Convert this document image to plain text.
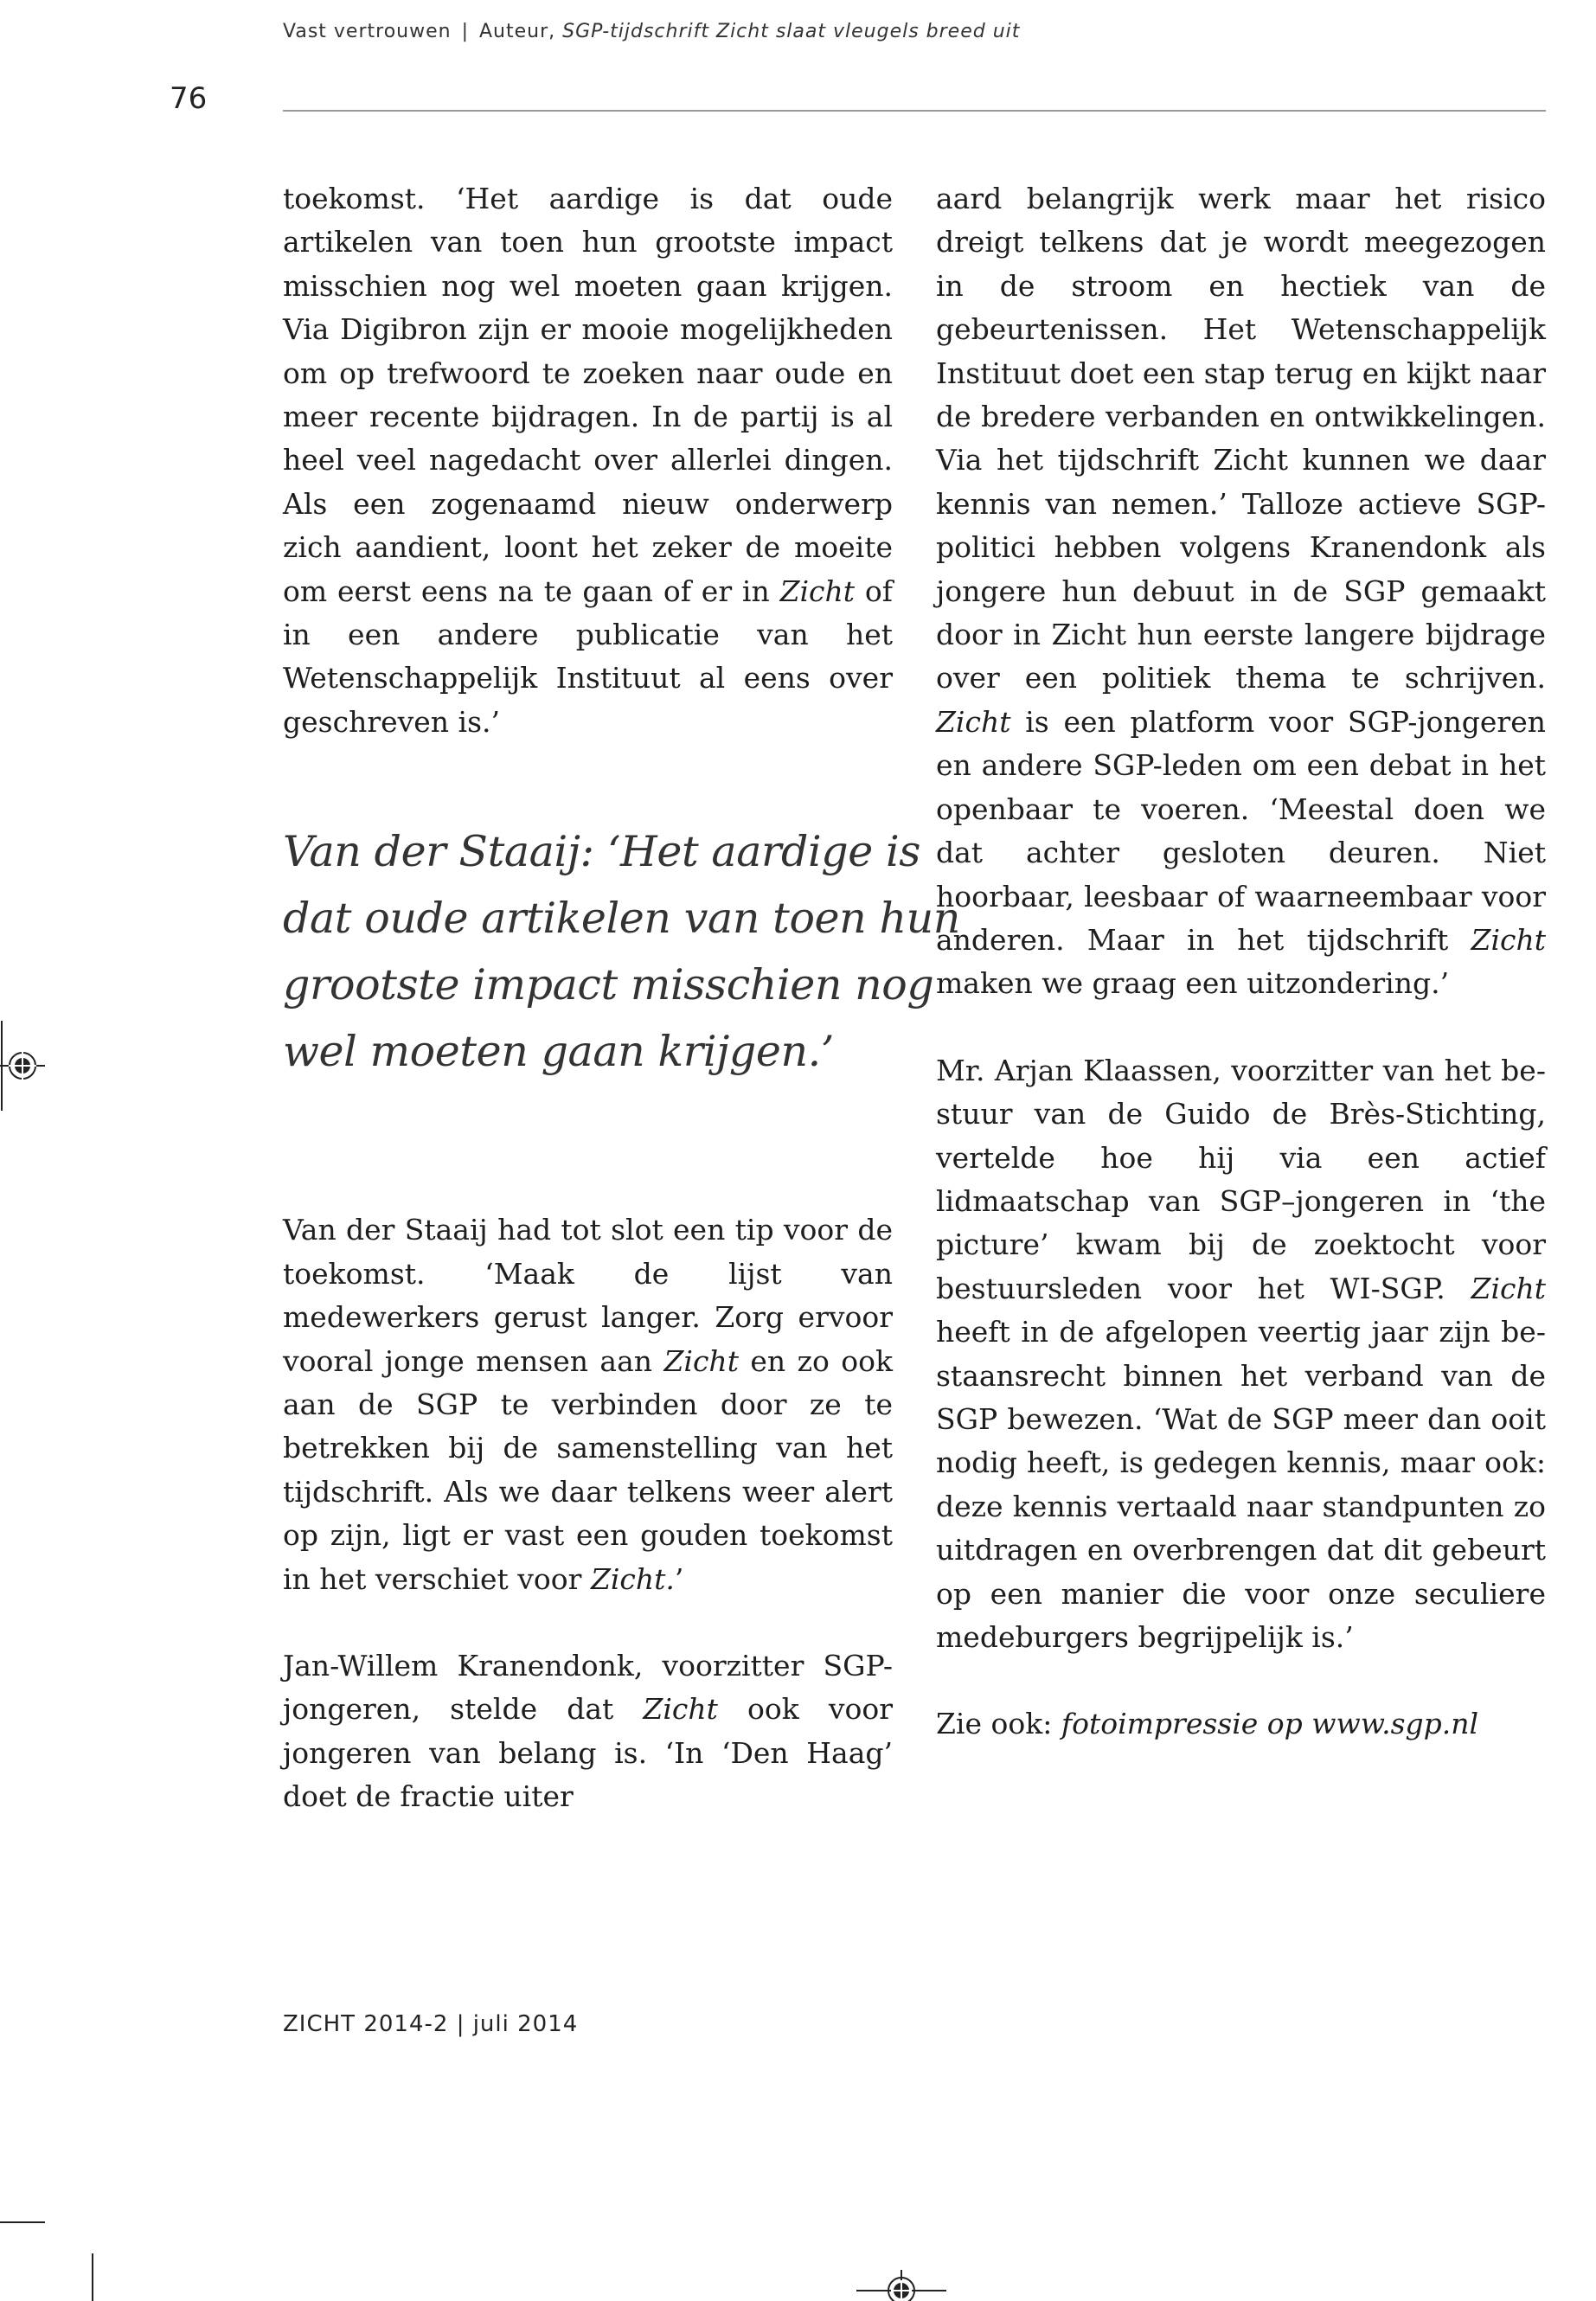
Vast vertrouwen | Auteur, SGP-tijdschrift Zicht slaat vleugels breed uit
76

toekomst. ‘Het aardige is dat oude artikelen van toen hun grootste impact misschien nog wel moeten gaan krijgen. Via Digibron zijn er mooie mogelijkheden om op trefwoord te zoeken naar oude en meer recente bijdragen. In de partij is al heel veel nagedacht over allerlei dingen. Als een zogenaamd nieuw onderwerp zich aandient, loont het zeker de moeite om eerst eens na te gaan of er in Zicht of in een andere publicatie van het Wetenschappelijk Instituut al eens over geschreven is.’

Van der Staaij: ‘Het aardige is
dat oude artikelen van toen hun
grootste impact misschien nog
wel moeten gaan krijgen.’

Van der Staaij had tot slot een tip voor de toekomst. ‘Maak de lijst van medewerkers gerust langer. Zorg ervoor vooral jonge mensen aan Zicht en zo ook aan de SGP te verbinden door ze te betrekken bij de samenstelling van het tijdschrift. Als we daar telkens weer alert op zijn, ligt er vast een gouden toekomst in het verschiet voor Zicht.’

Jan-Willem Kranendonk, voorzitter SGP-jongeren, stelde dat Zicht ook voor jongeren van belang is. ‘In ‘Den Haag’ doet de fractie uiter

aard belangrijk werk maar het risico dreigt telkens dat je wordt meegezogen in de stroom en hectiek van de gebeurtenissen. Het Wetenschappelijk Instituut doet een stap terug en kijkt naar de bredere verbanden en ontwikkelingen. Via het tijdschrift Zicht kunnen we daar kennis van nemen.’ Talloze actieve SGP-politici hebben volgens Kranendonk als jongere hun debuut in de SGP gemaakt door in Zicht hun eerste langere bijdrage over een politiek thema te schrijven. Zicht is een platform voor SGP-jongeren en andere SGP-leden om een debat in het openbaar te voeren. ‘Meestal doen we dat achter gesloten deuren. Niet hoorbaar, leesbaar of waarneembaar voor anderen. Maar in het tijdschrift Zicht maken we graag een uitzondering.’

Mr. Arjan Klaassen, voorzitter van het bestuur van de Guido de Brès-Stichting, vertelde hoe hij via een actief lidmaatschap van SGP–jongeren in ‘the picture’ kwam bij de zoektocht voor bestuursleden voor het WI-SGP. Zicht heeft in de afgelopen veertig jaar zijn bestaansrecht binnen het verband van de SGP bewezen. ‘Wat de SGP meer dan ooit nodig heeft, is gedegen kennis, maar ook: deze kennis vertaald naar standpunten zo uitdragen en overbrengen dat dit gebeurt op een manier die voor onze seculiere medeburgers begrijpelijk is.’

Zie ook: fotoimpressie op www.sgp.nl

ZICHT 2014-2 | juli 2014
